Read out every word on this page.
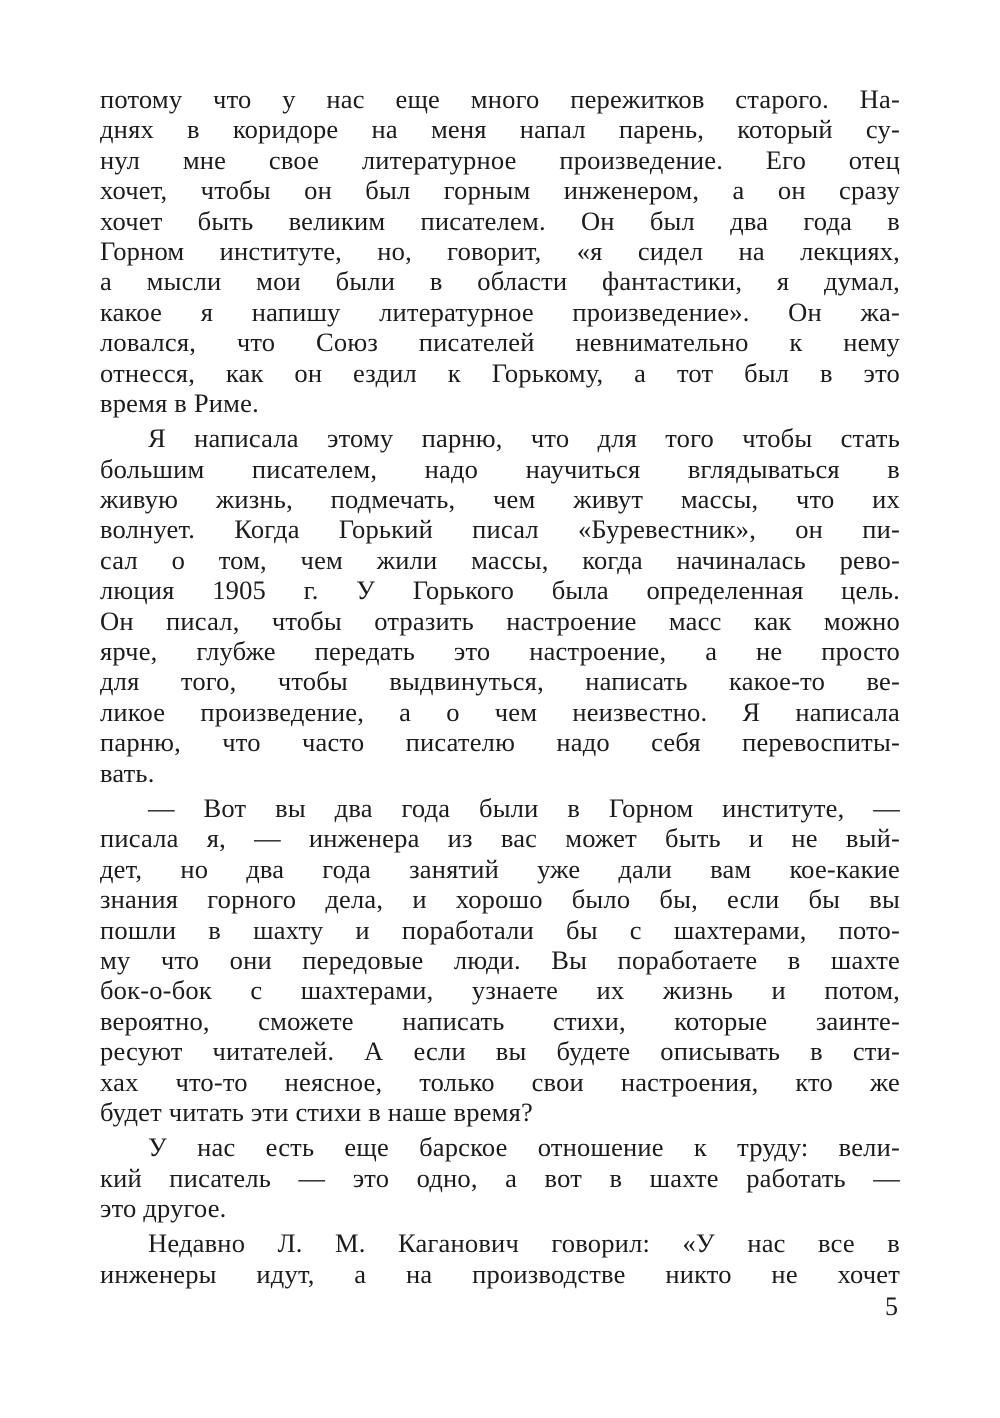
потому что у нас еще много пережитков старого. На-
днях в коридоре на меня напал парень, который су-
нул мне свое литературное произведение. Его отец
хочет, чтобы он был горным инженером, а он сразу
хочет быть великим писателем. Он был два года в
Горном институте, но, говорит, «я сидел на лекциях,
а мысли мои были в области фантастики, я думал,
какое я напишу литературное произведение». Он жа-
ловался, что Союз писателей невнимательно к нему
отнесся, как он ездил к Горькому, а тот был в это
время в Риме.
Я написала этому парню, что для того чтобы стать
большим писателем, надо научиться вглядываться в
живую жизнь, подмечать, чем живут массы, что их
волнует. Когда Горький писал «Буревестник», он пи-
сал о том, чем жили массы, когда начиналась рево-
люция 1905 г. У Горького была определенная цель.
Он писал, чтобы отразить настроение масс как можно
ярче, глубже передать это настроение, а не просто
для того, чтобы выдвинуться, написать какое-то ве-
ликое произведение, а о чем неизвестно. Я написала
парню, что часто писателю надо себя перевоспиты-
вать.
— Вот вы два года были в Горном институте, —
писала я, — инженера из вас может быть и не вый-
дет, но два года занятий уже дали вам кое-какие
знания горного дела, и хорошо было бы, если бы вы
пошли в шахту и поработали бы с шахтерами, пото-
му что они передовые люди. Вы поработаете в шахте
бок-о-бок с шахтерами, узнаете их жизнь и потом,
вероятно, сможете написать стихи, которые заинте-
ресуют читателей. А если вы будете описывать в сти-
хах что-то неясное, только свои настроения, кто же
будет читать эти стихи в наше время?
У нас есть еще барское отношение к труду: вели-
кий писатель — это одно, а вот в шахте работать —
это другое.
Недавно Л. М. Каганович говорил: «У нас все в
инженеры идут, а на производстве никто не хочет
5
